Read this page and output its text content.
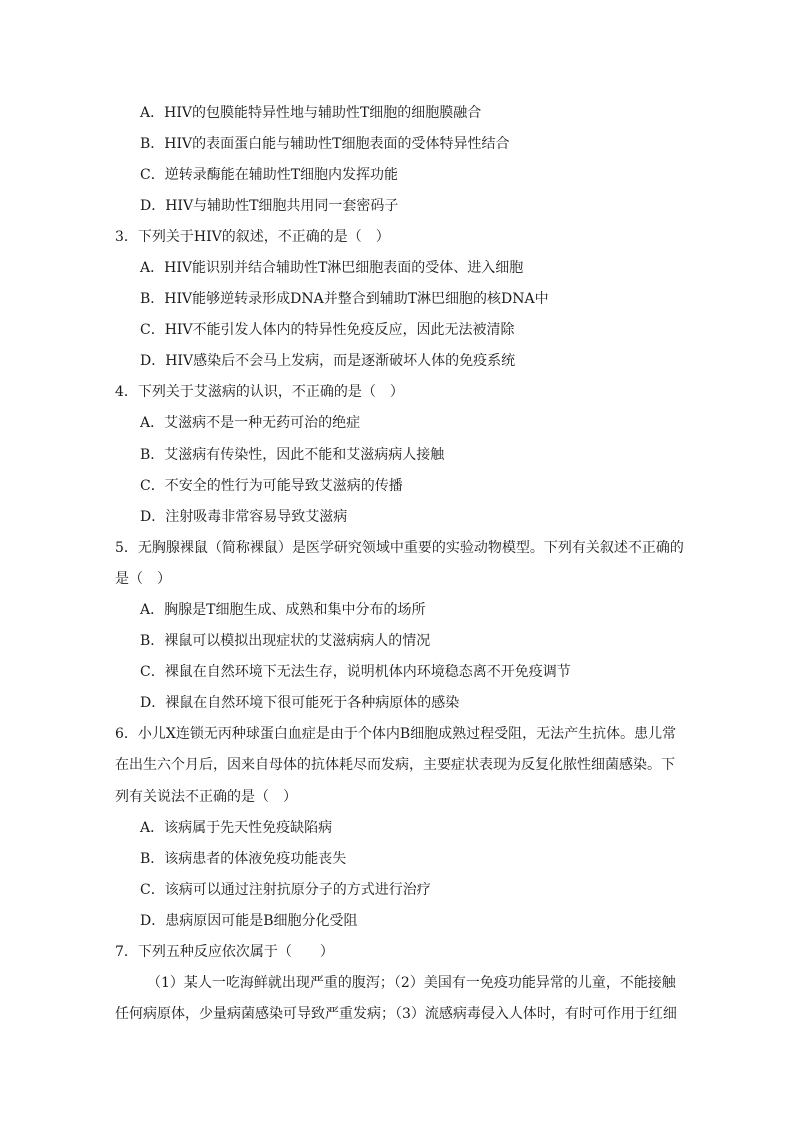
A．HIV的包膜能特异性地与辅助性T细胞的细胞膜融合
B．HIV的表面蛋白能与辅助性T细胞表面的受体特异性结合
C．逆转录酶能在辅助性T细胞内发挥功能
D．HIV与辅助性T细胞共用同一套密码子
3．下列关于HIV的叙述，不正确的是（　）
A．HIV能识别并结合辅助性T淋巴细胞表面的受体、进入细胞
B．HIV能够逆转录形成DNA并整合到辅助T淋巴细胞的核DNA中
C．HIV不能引发人体内的特异性免疫反应，因此无法被清除
D．HIV感染后不会马上发病，而是逐渐破坏人体的免疫系统
4．下列关于艾滋病的认识，不正确的是（　）
A．艾滋病不是一种无药可治的绝症
B．艾滋病有传染性，因此不能和艾滋病病人接触
C．不安全的性行为可能导致艾滋病的传播
D．注射吸毒非常容易导致艾滋病
5．无胸腺裸鼠（简称裸鼠）是医学研究领域中重要的实验动物模型。下列有关叙述不正确的
是（　）
A．胸腺是T细胞生成、成熟和集中分布的场所
B．裸鼠可以模拟出现症状的艾滋病病人的情况
C．裸鼠在自然环境下无法生存，说明机体内环境稳态离不开免疫调节
D．裸鼠在自然环境下很可能死于各种病原体的感染
6．小儿X连锁无丙种球蛋白血症是由于个体内B细胞成熟过程受阻，无法产生抗体。患儿常
在出生六个月后，因来自母体的抗体耗尽而发病，主要症状表现为反复化脓性细菌感染。下
列有关说法不正确的是（　）
A．该病属于先天性免疫缺陷病
B．该病患者的体液免疫功能丧失
C．该病可以通过注射抗原分子的方式进行治疗
D．患病原因可能是B细胞分化受阻
7．下列五种反应依次属于（　　）
（1）某人一吃海鲜就出现严重的腹泻；（2）美国有一免疫功能异常的儿童，不能接触
任何病原体，少量病菌感染可导致严重发病；（3）流感病毒侵入人体时，有时可作用于红细
